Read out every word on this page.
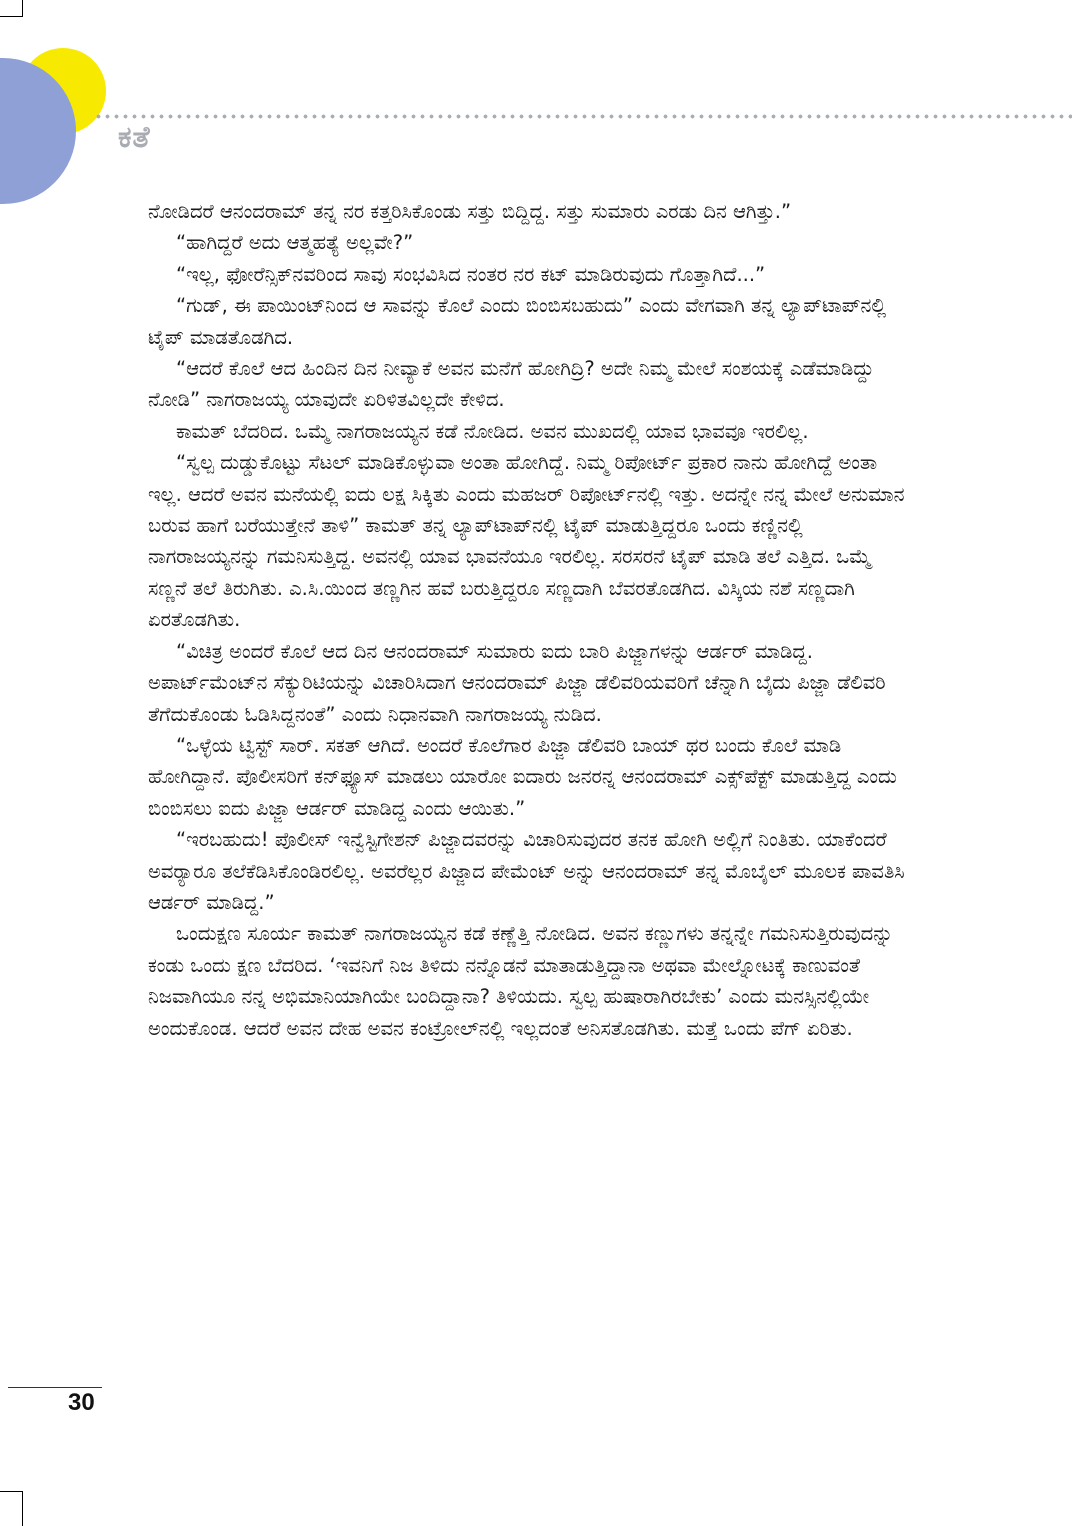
ಕತೆ

ನೋಡಿದರೆ ಆನಂದರಾಮ್ ತನ್ನ ನರ ಕತ್ತರಿಸಿಕೊಂಡು ಸತ್ತು ಬಿದ್ದಿದ್ದ. ಸತ್ತು ಸುಮಾರು ಎರಡು ದಿನ ಆಗಿತ್ತು.”

“ಹಾಗಿದ್ದರೆ ಅದು ಆತ್ಮಹತ್ಯೆ ಅಲ್ಲವೇ?”

“ಇಲ್ಲ, ಫೋರೆನ್ಸಿಕ್‌ನವರಿಂದ ಸಾವು ಸಂಭವಿಸಿದ ನಂತರ ನರ ಕಟ್ ಮಾಡಿರುವುದು ಗೊತ್ತಾಗಿದೆ...”

“ಗುಡ್, ಈ ಪಾಯಿಂಟ್‌ನಿಂದ ಆ ಸಾವನ್ನು ಕೊಲೆ ಎಂದು ಬಿಂಬಿಸಬಹುದು” ಎಂದು ವೇಗವಾಗಿ ತನ್ನ ಲ್ಯಾಪ್‌ಟಾಪ್‌ನಲ್ಲಿ ಟೈಪ್ ಮಾಡತೊಡಗಿದ.

“ಆದರೆ ಕೊಲೆ ಆದ ಹಿಂದಿನ ದಿನ ನೀವ್ಯಾಕೆ ಅವನ ಮನೆಗೆ ಹೋಗಿದ್ರಿ? ಅದೇ ನಿಮ್ಮ ಮೇಲೆ ಸಂಶಯಕ್ಕೆ ಎಡೆಮಾಡಿದ್ದು ನೋಡಿ” ನಾಗರಾಜಯ್ಯ ಯಾವುದೇ ಏರಿಳಿತವಿಲ್ಲದೇ ಕೇಳಿದ.

ಕಾಮತ್ ಬೆದರಿದ. ಒಮ್ಮೆ ನಾಗರಾಜಯ್ಯನ ಕಡೆ ನೋಡಿದ. ಅವನ ಮುಖದಲ್ಲಿ ಯಾವ ಭಾವವೂ ಇರಲಿಲ್ಲ.

“ಸ್ವಲ್ಪ ದುಡ್ಡುಕೊಟ್ಟು ಸೆಟಲ್ ಮಾಡಿಕೊಳ್ಳುವಾ ಅಂತಾ ಹೋಗಿದ್ದೆ. ನಿಮ್ಮ ರಿಪೋರ್ಟ್ ಪ್ರಕಾರ ನಾನು ಹೋಗಿದ್ದೆ ಅಂತಾ ಇಲ್ಲ. ಆದರೆ ಅವನ ಮನೆಯಲ್ಲಿ ಐದು ಲಕ್ಷ ಸಿಕ್ಕಿತು ಎಂದು ಮಹಜರ್ ರಿಪೋರ್ಟ್‌ನಲ್ಲಿ ಇತ್ತು. ಅದನ್ನೇ ನನ್ನ ಮೇಲೆ ಅನುಮಾನ ಬರುವ ಹಾಗೆ ಬರೆಯುತ್ತೇನೆ ತಾಳಿ” ಕಾಮತ್ ತನ್ನ ಲ್ಯಾಪ್‌ಟಾಪ್‌ನಲ್ಲಿ ಟೈಪ್ ಮಾಡುತ್ತಿದ್ದರೂ ಒಂದು ಕಣ್ಣಿನಲ್ಲಿ ನಾಗರಾಜಯ್ಯನನ್ನು ಗಮನಿಸುತ್ತಿದ್ದ. ಅವನಲ್ಲಿ ಯಾವ ಭಾವನೆಯೂ ಇರಲಿಲ್ಲ. ಸರಸರನೆ ಟೈಪ್ ಮಾಡಿ ತಲೆ ಎತ್ತಿದ. ಒಮ್ಮೆ ಸಣ್ಣನೆ ತಲೆ ತಿರುಗಿತು. ಎ.ಸಿ.ಯಿಂದ ತಣ್ಣಗಿನ ಹವೆ ಬರುತ್ತಿದ್ದರೂ ಸಣ್ಣದಾಗಿ ಬೆವರತೊಡಗಿದ. ವಿಸ್ಕಿಯ ನಶೆ ಸಣ್ಣದಾಗಿ ಏರತೊಡಗಿತು.

“ವಿಚಿತ್ರ ಅಂದರೆ ಕೊಲೆ ಆದ ದಿನ ಆನಂದರಾಮ್ ಸುಮಾರು ಐದು ಬಾರಿ ಪಿಜ್ಜಾಗಳನ್ನು ಆರ್ಡರ್ ಮಾಡಿದ್ದ. ಅಪಾರ್ಟ್‌ಮೆಂಟ್‌ನ ಸೆಕ್ಯುರಿಟಿಯನ್ನು ವಿಚಾರಿಸಿದಾಗ ಆನಂದರಾಮ್ ಪಿಜ್ಜಾ ಡೆಲಿವರಿಯವರಿಗೆ ಚೆನ್ನಾಗಿ ಬೈದು ಪಿಜ್ಜಾ ಡೆಲಿವರಿ ತೆಗೆದುಕೊಂಡು ಓಡಿಸಿದ್ದನಂತೆ” ಎಂದು ನಿಧಾನವಾಗಿ ನಾಗರಾಜಯ್ಯ ನುಡಿದ.

“ಒಳ್ಳೆಯ ಟ್ವಿಸ್ಟ್ ಸಾರ್. ಸಕತ್ ಆಗಿದೆ. ಅಂದರೆ ಕೊಲೆಗಾರ ಪಿಜ್ಜಾ ಡೆಲಿವರಿ ಬಾಯ್ ಥರ ಬಂದು ಕೊಲೆ ಮಾಡಿ ಹೋಗಿದ್ದಾನೆ. ಪೊಲೀಸರಿಗೆ ಕನ್‌ಫ್ಯೂಸ್ ಮಾಡಲು ಯಾರೋ ಐದಾರು ಜನರನ್ನ ಆನಂದರಾಮ್ ಎಕ್ಸ್‌ಪೆಕ್ಟ್ ಮಾಡುತ್ತಿದ್ದ ಎಂದು ಬಿಂಬಿಸಲು ಐದು ಪಿಜ್ಜಾ ಆರ್ಡರ್ ಮಾಡಿದ್ದ ಎಂದು ಆಯಿತು.”

“ಇರಬಹುದು! ಪೊಲೀಸ್ ಇನ್ವೆಸ್ಟಿಗೇಶನ್ ಪಿಜ್ಜಾದವರನ್ನು ವಿಚಾರಿಸುವುದರ ತನಕ ಹೋಗಿ ಅಲ್ಲಿಗೆ ನಿಂತಿತು. ಯಾಕೆಂದರೆ ಅವರ್‍ಯಾರೂ ತಲೆಕೆಡಿಸಿಕೊಂಡಿರಲಿಲ್ಲ. ಅವರೆಲ್ಲರ ಪಿಜ್ಜಾದ ಪೇಮೆಂಟ್ ಅನ್ನು ಆನಂದರಾಮ್ ತನ್ನ ಮೊಬೈಲ್ ಮೂಲಕ ಪಾವತಿಸಿ ಆರ್ಡರ್ ಮಾಡಿದ್ದ.”

ಒಂದುಕ್ಷಣ ಸೂರ್ಯ ಕಾಮತ್ ನಾಗರಾಜಯ್ಯನ ಕಡೆ ಕಣ್ಣೆತ್ತಿ ನೋಡಿದ. ಅವನ ಕಣ್ಣುಗಳು ತನ್ನನ್ನೇ ಗಮನಿಸುತ್ತಿರುವುದನ್ನು ಕಂಡು ಒಂದು ಕ್ಷಣ ಬೆದರಿದ. ‘ಇವನಿಗೆ ನಿಜ ತಿಳಿದು ನನ್ನೊಡನೆ ಮಾತಾಡುತ್ತಿದ್ದಾನಾ ಅಥವಾ ಮೇಲ್ನೋಟಕ್ಕೆ ಕಾಣುವಂತೆ ನಿಜವಾಗಿಯೂ ನನ್ನ ಅಭಿಮಾನಿಯಾಗಿಯೇ ಬಂದಿದ್ದಾನಾ? ತಿಳಿಯದು. ಸ್ವಲ್ಪ ಹುಷಾರಾಗಿರಬೇಕು’ ಎಂದು ಮನಸ್ಸಿನಲ್ಲಿಯೇ ಅಂದುಕೊಂಡ. ಆದರೆ ಅವನ ದೇಹ ಅವನ ಕಂಟ್ರೋಲ್‌ನಲ್ಲಿ ಇಲ್ಲದಂತೆ ಅನಿಸತೊಡಗಿತು. ಮತ್ತೆ ಒಂದು ಪೆಗ್ ಏರಿತು.

30
